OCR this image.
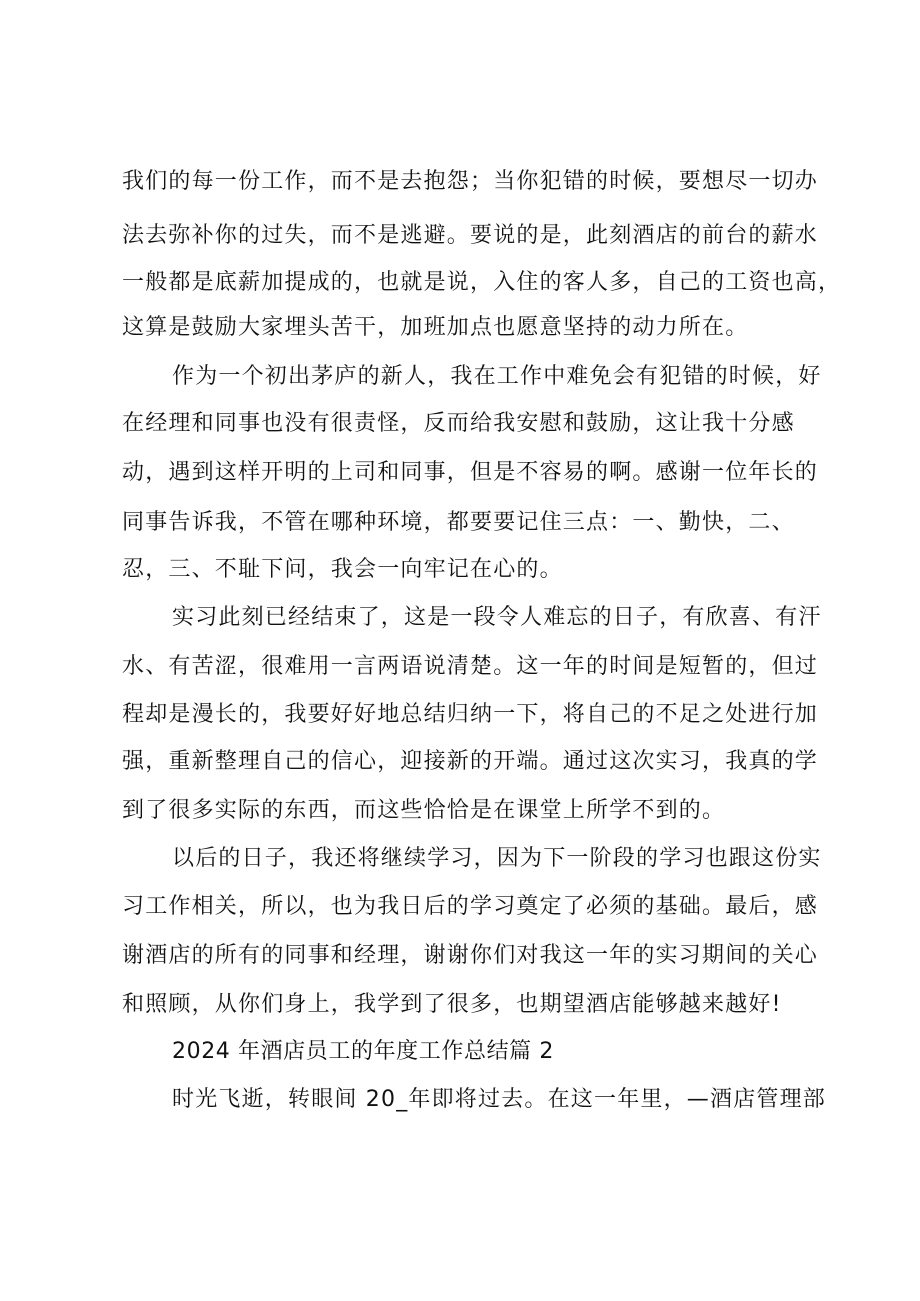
我们的每一份工作，而不是去抱怨；当你犯错的时候，要想尽一切办
法去弥补你的过失，而不是逃避。要说的是，此刻酒店的前台的薪水
一般都是底薪加提成的，也就是说，入住的客人多，自己的工资也高，
这算是鼓励大家埋头苦干，加班加点也愿意坚持的动力所在。
作为一个初出茅庐的新人，我在工作中难免会有犯错的时候，好
在经理和同事也没有很责怪，反而给我安慰和鼓励，这让我十分感
动，遇到这样开明的上司和同事，但是不容易的啊。感谢一位年长的
同事告诉我，不管在哪种环境，都要要记住三点：一、勤快，二、
忍，三、不耻下问，我会一向牢记在心的。
实习此刻已经结束了，这是一段令人难忘的日子，有欣喜、有汗
水、有苦涩，很难用一言两语说清楚。这一年的时间是短暂的，但过
程却是漫长的，我要好好地总结归纳一下，将自己的不足之处进行加
强，重新整理自己的信心，迎接新的开端。通过这次实习，我真的学
到了很多实际的东西，而这些恰恰是在课堂上所学不到的。
以后的日子，我还将继续学习，因为下一阶段的学习也跟这份实
习工作相关，所以，也为我日后的学习奠定了必须的基础。最后，感
谢酒店的所有的同事和经理，谢谢你们对我这一年的实习期间的关心
和照顾，从你们身上，我学到了很多，也期望酒店能够越来越好!
2024 年酒店员工的年度工作总结篇 2
时光飞逝，转眼间 20_年即将过去。在这一年里，—酒店管理部
